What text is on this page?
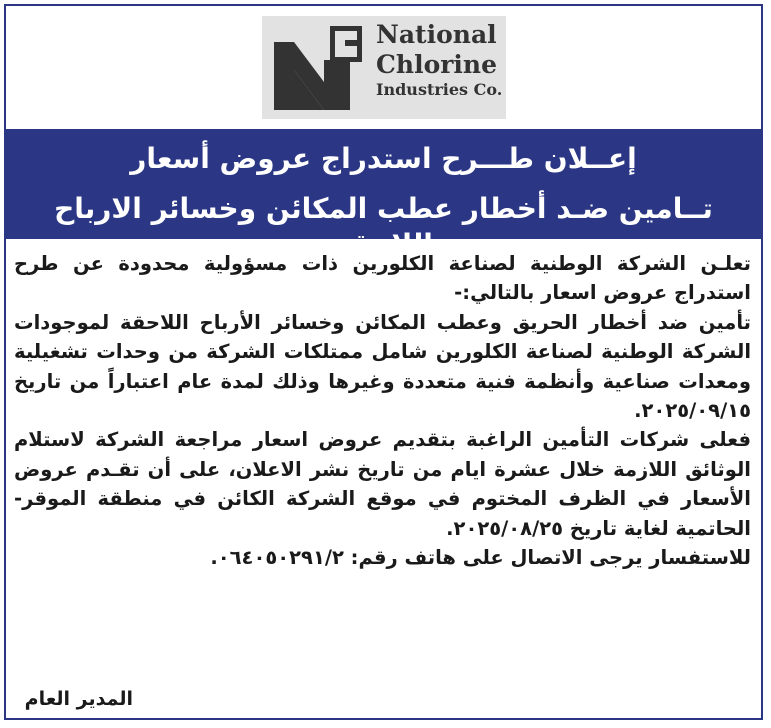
National
Chlorine
Industries Co.
إعــلان طـــرح استدراج عروض أسعار
تــامين ضـد أخطار عطب المكائن وخسائر الارباح اللاحقة

تعلـن الشركة الوطنية لصناعة الكلورين ذات مسؤولية محدودة عن طرح استدراج عروض اسعار بالتالي:-

تأمين ضد أخطار الحريق وعطب المكائن وخسائر الأرباح اللاحقة لموجودات الشركة الوطنية لصناعة الكلورين شامل ممتلكات الشركة من وحدات تشغيلية ومعدات صناعية وأنظمة فنية متعددة وغيرها وذلك لمدة عام اعتباراً من تاريخ ٢٠٢٥/٠٩/١٥.

فعلى شركات التأمين الراغبة بتقديم عروض اسعار مراجعة الشركة لاستلام الوثائق اللازمة خلال عشرة ايام من تاريخ نشر الاعلان، على أن تقـدم عروض الأسعار في الظرف المختوم في موقع الشركة الكائن في منطقة الموقر- الحاتمية لغاية تاريخ ٢٠٢٥/٠٨/٢٥.

للاستفسار يرجى الاتصال على هاتف رقم: ٠٦٤٠٥٠٢٩١/٢.

المدير العام
